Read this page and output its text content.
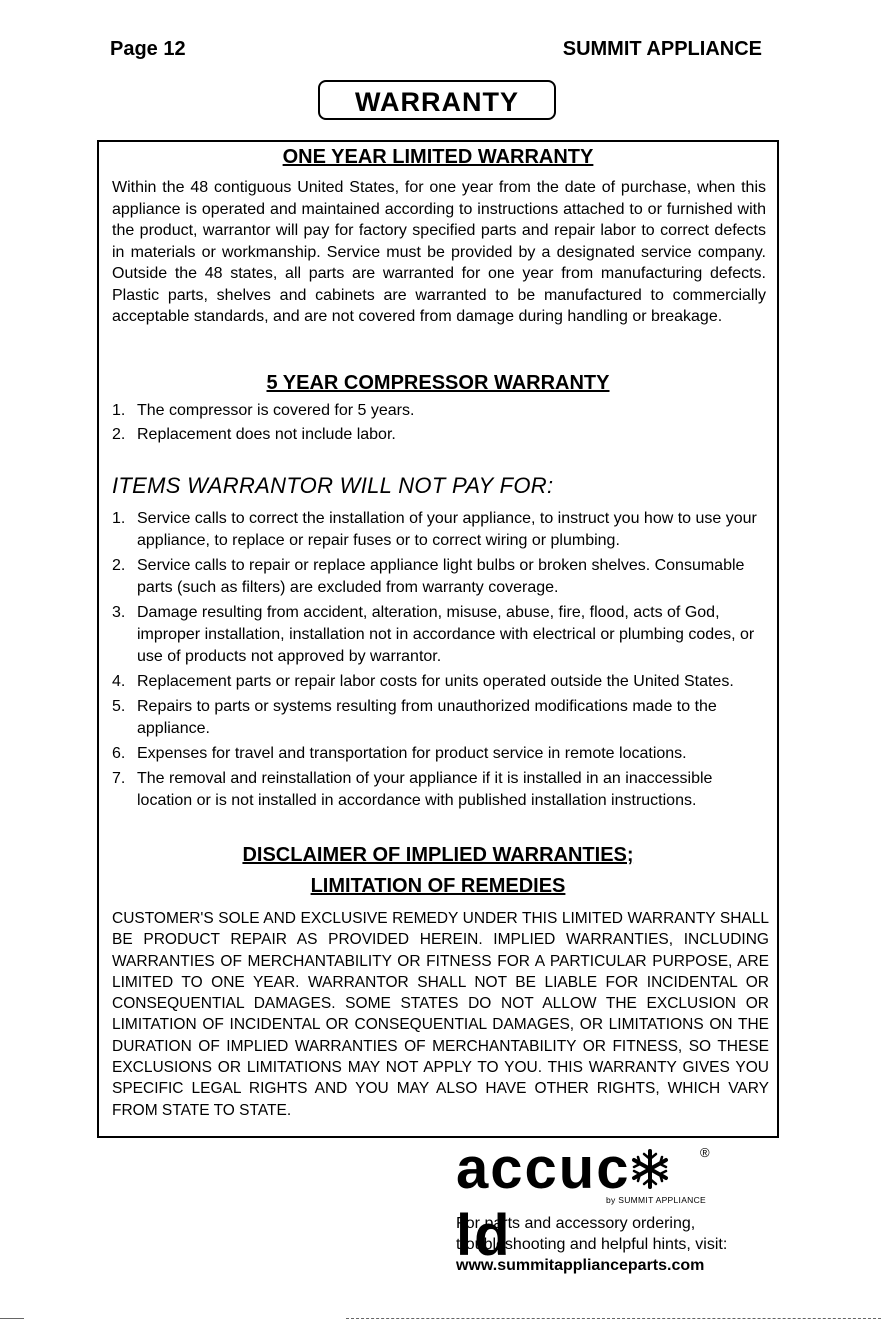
Page 12	SUMMIT APPLIANCE
WARRANTY
ONE YEAR LIMITED WARRANTY
Within the 48 contiguous United States, for one year from the date of purchase, when this appliance is operated and maintained according to instructions attached to or furnished with the product, warrantor will pay for factory specified parts and repair labor to correct defects in materials or workmanship. Service must be provided by a designated service company. Outside the 48 states, all parts are warranted for one year from manufacturing defects. Plastic parts, shelves and cabinets are warranted to be manufactured to commercially acceptable standards, and are not covered from damage during handling or breakage.
5 YEAR COMPRESSOR WARRANTY
1. The compressor is covered for 5 years.
2. Replacement does not include labor.
ITEMS WARRANTOR WILL NOT PAY FOR:
1. Service calls to correct the installation of your appliance, to instruct you how to use your appliance, to replace or repair fuses or to correct wiring or plumbing.
2. Service calls to repair or replace appliance light bulbs or broken shelves. Consumable parts (such as filters) are excluded from warranty coverage.
3. Damage resulting from accident, alteration, misuse, abuse, fire, flood, acts of God, improper installation, installation not in accordance with electrical or plumbing codes, or use of products not approved by warrantor.
4. Replacement parts or repair labor costs for units operated outside the United States.
5. Repairs to parts or systems resulting from unauthorized modifications made to the appliance.
6. Expenses for travel and transportation for product service in remote locations.
7. The removal and reinstallation of your appliance if it is installed in an inaccessible location or is not installed in accordance with published installation instructions.
DISCLAIMER OF IMPLIED WARRANTIES;
LIMITATION OF REMEDIES
CUSTOMER'S SOLE AND EXCLUSIVE REMEDY UNDER THIS LIMITED WARRANTY SHALL BE PRODUCT REPAIR AS PROVIDED HEREIN. IMPLIED WARRANTIES, INCLUDING WARRANTIES OF MERCHANTABILITY OR FITNESS FOR A PARTICULAR PURPOSE, ARE LIMITED TO ONE YEAR. WARRANTOR SHALL NOT BE LIABLE FOR INCIDENTAL OR CONSEQUENTIAL DAMAGES. SOME STATES DO NOT ALLOW THE EXCLUSION OR LIMITATION OF INCIDENTAL OR CONSEQUENTIAL DAMAGES, OR LIMITATIONS ON THE DURATION OF IMPLIED WARRANTIES OF MERCHANTABILITY OR FITNESS, SO THESE EXCLUSIONS OR LIMITATIONS MAY NOT APPLY TO YOU. THIS WARRANTY GIVES YOU SPECIFIC LEGAL RIGHTS AND YOU MAY ALSO HAVE OTHER RIGHTS, WHICH VARY FROM STATE TO STATE.
accucld
®
by SUMMIT APPLIANCE
For parts and accessory ordering,
troubleshooting and helpful hints, visit:
www.summitapplianceparts.com
